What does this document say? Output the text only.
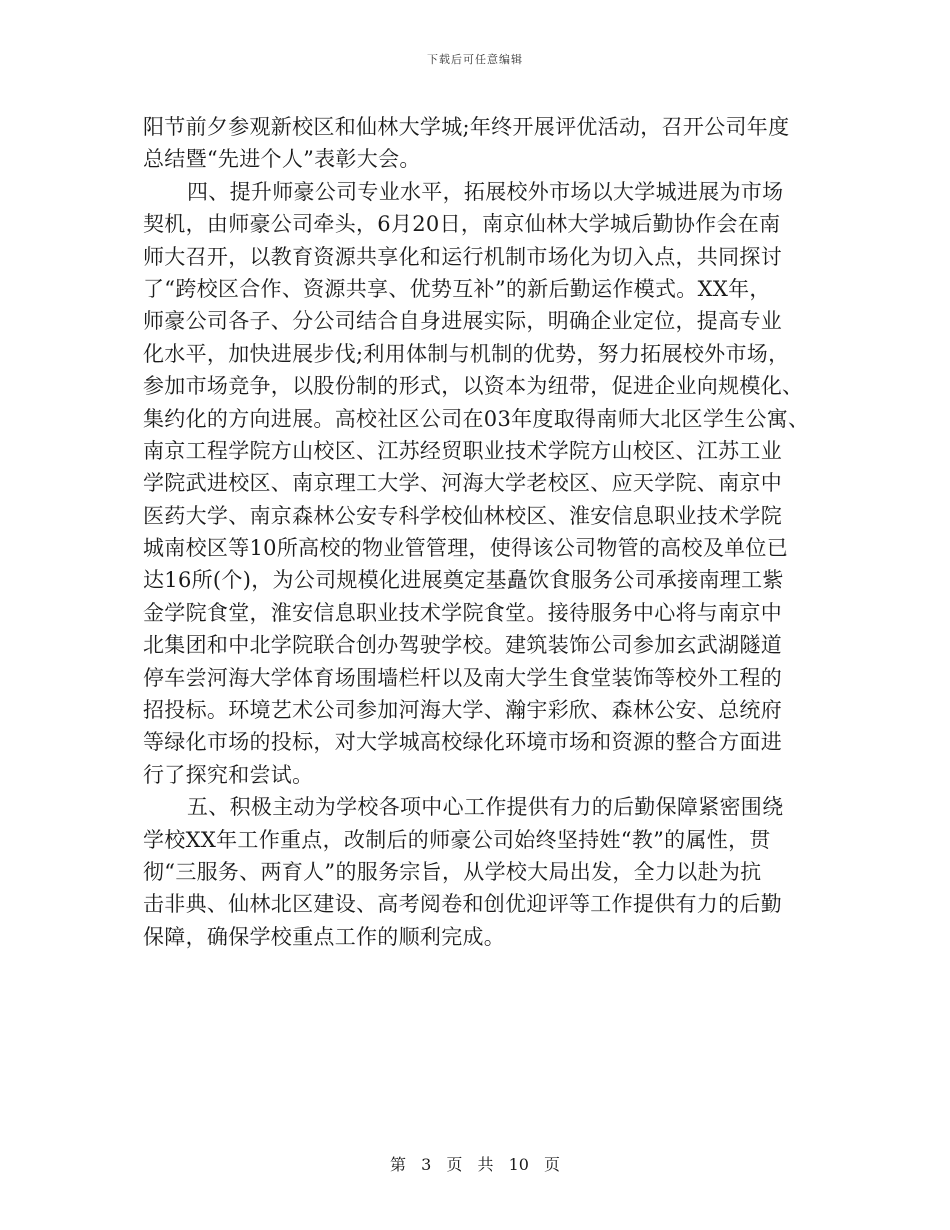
下载后可任意编辑
阳节前夕参观新校区和仙林大学城;年终开展评优活动，召开公司年度
总结暨“先进个人”表彰大会。
四、提升师豪公司专业水平，拓展校外市场以大学城进展为市场
契机，由师豪公司牵头，6月20日，南京仙林大学城后勤协作会在南
师大召开，以教育资源共享化和运行机制市场化为切入点，共同探讨
了“跨校区合作、资源共享、优势互补”的新后勤运作模式。XX年，
师豪公司各子、分公司结合自身进展实际，明确企业定位，提高专业
化水平，加快进展步伐;利用体制与机制的优势，努力拓展校外市场，
参加市场竞争，以股份制的形式，以资本为纽带，促进企业向规模化、
集约化的方向进展。高校社区公司在03年度取得南师大北区学生公寓、
南京工程学院方山校区、江苏经贸职业技术学院方山校区、江苏工业
学院武进校区、南京理工大学、河海大学老校区、应天学院、南京中
医药大学、南京森林公安专科学校仙林校区、淮安信息职业技术学院
城南校区等10所高校的物业管管理，使得该公司物管的高校及单位已
达16所(个)，为公司规模化进展奠定基矗饮食服务公司承接南理工紫
金学院食堂，淮安信息职业技术学院食堂。接待服务中心将与南京中
北集团和中北学院联合创办驾驶学校。建筑装饰公司参加玄武湖隧道
停车尝河海大学体育场围墙栏杆以及南大学生食堂装饰等校外工程的
招投标。环境艺术公司参加河海大学、瀚宇彩欣、森林公安、总统府
等绿化市场的投标，对大学城高校绿化环境市场和资源的整合方面进
行了探究和尝试。
五、积极主动为学校各项中心工作提供有力的后勤保障紧密围绕
学校XX年工作重点，改制后的师豪公司始终坚持姓“教”的属性，贯
彻“三服务、两育人”的服务宗旨，从学校大局出发，全力以赴为抗
击非典、仙林北区建设、高考阅卷和创优迎评等工作提供有力的后勤
保障，确保学校重点工作的顺利完成。
第 3 页 共 10 页
